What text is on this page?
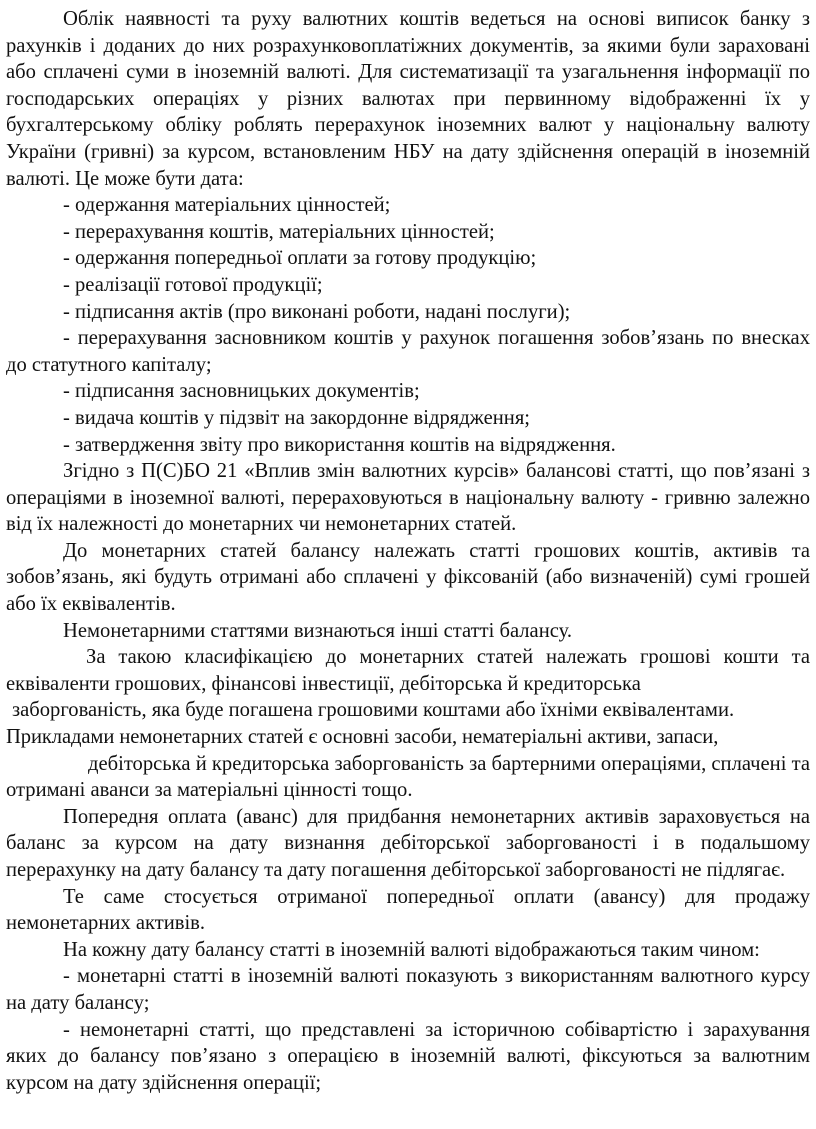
Облік наявності та руху валютних коштів ведеться на основі виписок банку з рахунків і доданих до них розрахунковоплатіжних документів, за якими були зараховані або сплачені суми в іноземній валюті. Для систематизації та узагальнення інформації по господарських операціях у різних валютах при первинному відображенні їх у бухгалтерському обліку роблять перерахунок іноземних валют у національну валюту України (гривні) за курсом, встановленим НБУ на дату здійснення операцій в іноземній валюті. Це може бути дата:

- одержання матеріальних цінностей;

- перерахування коштів, матеріальних цінностей;

- одержання попередньої оплати за готову продукцію;

- реалізації готової продукції;

- підписання актів (про виконані роботи, надані послуги);

- перерахування засновником коштів у рахунок погашення зобов’язань по внесках до статутного капіталу;

- підписання засновницьких документів;

- видача коштів у підзвіт на закордонне відрядження;

- затвердження звіту про використання коштів на відрядження.

Згідно з П(С)БО 21 «Вплив змін валютних курсів» балансові статті, що пов’язані з операціями в іноземної валюті, перераховуються в національну валюту - гривню залежно від їх належності до монетарних чи немонетарних статей.

До монетарних статей балансу належать статті грошових коштів, активів та зобов’язань, які будуть отримані або сплачені у фіксованій (або визначеній) сумі грошей або їх еквівалентів.

Немонетарними статтями визнаються інші статті балансу.

За такою класифікацією до монетарних статей належать грошові кошти та еквіваленти грошових, фінансові інвестиції, дебіторська й кредиторська

заборгованість, яка буде погашена грошовими коштами або їхніми еквівалентами.

Прикладами немонетарних статей є основні засоби, нематеріальні активи, запаси,

дебіторська й кредиторська заборгованість за бартерними операціями, сплачені та отримані аванси за матеріальні цінності тощо.

Попередня оплата (аванс) для придбання немонетарних активів зараховується на баланс за курсом на дату визнання дебіторської заборгованості і в подальшому перерахунку на дату балансу та дату погашення дебіторської заборгованості не підлягає.

Те саме стосується отриманої попередньої оплати (авансу) для продажу немонетарних активів.

На кожну дату балансу статті в іноземній валюті відображаються таким чином:

- монетарні статті в іноземній валюті показують з використанням валютного курсу на дату балансу;

- немонетарні статті, що представлені за історичною собівартістю і зарахування яких до балансу пов’язано з операцією в іноземній валюті, фіксуються за валютним курсом на дату здійснення операції;
